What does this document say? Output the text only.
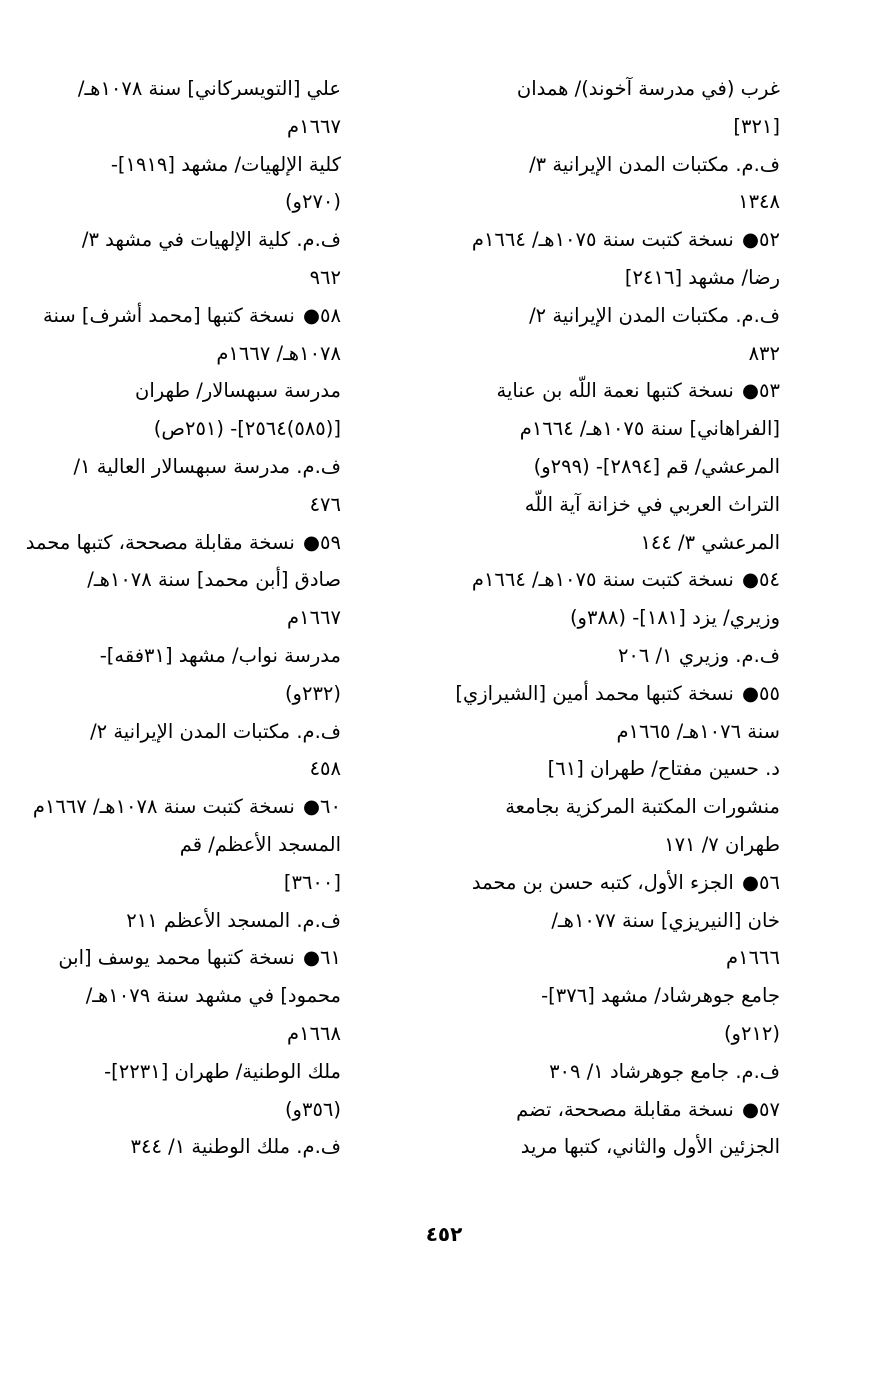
غرب (في مدرسة آخوند)/ همدان
[٣٢١]
ف.م. مكتبات المدن الإيرانية ٣/
١٣٤٨
٥٢● نسخة كتبت سنة ١٠٧٥هـ/ ١٦٦٤م
رضا/ مشهد [٢٤١٦]
ف.م. مكتبات المدن الإيرانية ٢/
٨٣٢
٥٣● نسخة كتبها نعمة اللّه بن عناية
[الفراهاني] سنة ١٠٧٥هـ/ ١٦٦٤م
المرعشي/ قم [٢٨٩٤]- (٢٩٩و)
التراث العربي في خزانة آية اللّه
المرعشي ٣/ ١٤٤
٥٤● نسخة كتبت سنة ١٠٧٥هـ/ ١٦٦٤م
وزيري/ يزد [١٨١]- (٣٨٨و)
ف.م. وزيري ١/ ٢٠٦
٥٥● نسخة كتبها محمد أمين [الشيرازي]
سنة ١٠٧٦هـ/ ١٦٦٥م
د. حسين مفتاح/ طهران [٦١]
منشورات المكتبة المركزية بجامعة
طهران ٧/ ١٧١
٥٦● الجزء الأول، كتبه حسن بن محمد
خان [النيريزي] سنة ١٠٧٧هـ/
١٦٦٦م
جامع جوهرشاد/ مشهد [٣٧٦]-
(٢١٢و)
ف.م. جامع جوهرشاد ١/ ٣٠٩
٥٧● نسخة مقابلة مصححة، تضم
الجزئين الأول والثاني، كتبها مريد
علي [التويسركاني] سنة ١٠٧٨هـ/
١٦٦٧م
كلية الإلهيات/ مشهد [١٩١٩]-
(٢٧٠و)
ف.م. كلية الإلهيات في مشهد ٣/
٩٦٢
٥٨● نسخة كتبها [محمد أشرف] سنة
١٠٧٨هـ/ ١٦٦٧م
مدرسة سبهسالار/ طهران
[(٥٨٥)٢٥٦٤]- (٢٥١ص)
ف.م. مدرسة سبهسالار العالية ١/
٤٧٦
٥٩● نسخة مقابلة مصححة، كتبها محمد
صادق [أبن محمد] سنة ١٠٧٨هـ/
١٦٦٧م
مدرسة نواب/ مشهد [٣١فقه]-
(٢٣٢و)
ف.م. مكتبات المدن الإيرانية ٢/
٤٥٨
٦٠● نسخة كتبت سنة ١٠٧٨هـ/ ١٦٦٧م
المسجد الأعظم/ قم
[٣٦٠٠]
ف.م. المسجد الأعظم ٢١١
٦١● نسخة كتبها محمد يوسف [ابن
محمود] في مشهد سنة ١٠٧٩هـ/
١٦٦٨م
ملك الوطنية/ طهران [٢٢٣١]-
(٣٥٦و)
ف.م. ملك الوطنية ١/ ٣٤٤
٤٥٢
